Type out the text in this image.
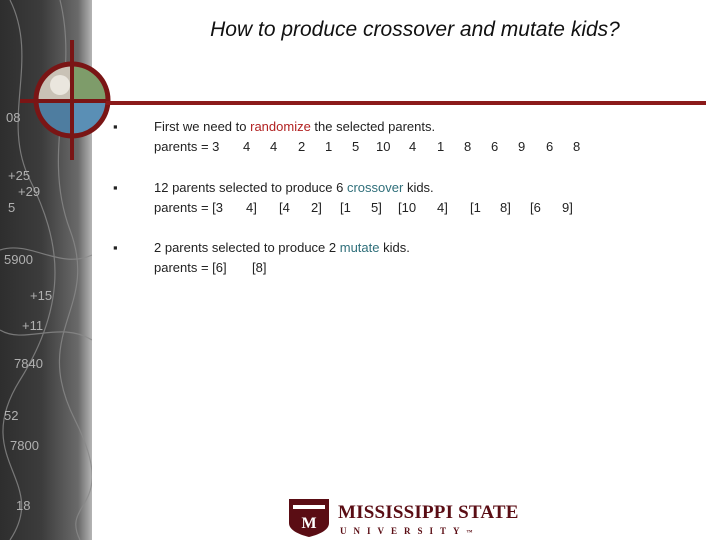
08
+25
+29
5
5900
+15
+11
7840
52
7800
18
How to produce crossover and mutate kids?
▪	First we need to randomize the selected parents.
parents = 3 4 4 2 1 5 10 4 1 8 6 9 6 8
▪	12 parents selected to produce 6 crossover kids.
parents = [3 4] [4 2] [1 5] [10 4] [1 8] [6 9]
▪	2 parents selected to produce 2 mutate kids.
parents = [6] [8]
M
MISSISSIPPI STATE
UNIVERSITY™
